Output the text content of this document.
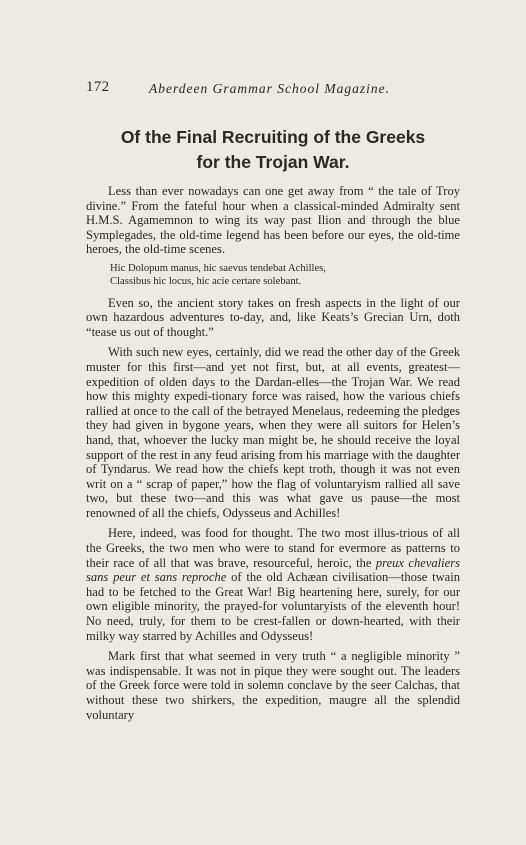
172	Aberdeen Grammar School Magazine.
Of the Final Recruiting of the Greeks
for the Trojan War.

Less than ever nowadays can one get away from “ the tale of Troy divine.” From the fateful hour when a classical-minded Admiralty sent H.M.S. Agamemnon to wing its way past Ilion and through the blue Symplegades, the old-time legend has been before our eyes, the old-time heroes, the old-time scenes.

Hic Dolopum manus, hic saevus tendebat Achilles,
Classibus hic locus, hic acie certare solebant.

Even so, the ancient story takes on fresh aspects in the light of our own hazardous adventures to-day, and, like Keats’s Grecian Urn, doth “tease us out of thought.”

With such new eyes, certainly, did we read the other day of the Greek muster for this first—and yet not first, but, at all events, greatest—expedition of olden days to the Dardan-elles—the Trojan War. We read how this mighty expedi-tionary force was raised, how the various chiefs rallied at once to the call of the betrayed Menelaus, redeeming the pledges they had given in bygone years, when they were all suitors for Helen’s hand, that, whoever the lucky man might be, he should receive the loyal support of the rest in any feud arising from his marriage with the daughter of Tyndarus. We read how the chiefs kept troth, though it was not even writ on a “ scrap of paper,” how the flag of voluntaryism rallied all save two, but these two—and this was what gave us pause—the most renowned of all the chiefs, Odysseus and Achilles!

Here, indeed, was food for thought. The two most illus-trious of all the Greeks, the two men who were to stand for evermore as patterns to their race of all that was brave, resourceful, heroic, the preux chevaliers sans peur et sans reproche of the old Achæan civilisation—those twain had to be fetched to the Great War! Big heartening here, surely, for our own eligible minority, the prayed-for voluntaryists of the eleventh hour! No need, truly, for them to be crest-fallen or down-hearted, with their milky way starred by Achilles and Odysseus!

Mark first that what seemed in very truth “ a negligible minority ” was indispensable. It was not in pique they were sought out. The leaders of the Greek force were told in solemn conclave by the seer Calchas, that without these two shirkers, the expedition, maugre all the splendid voluntary
